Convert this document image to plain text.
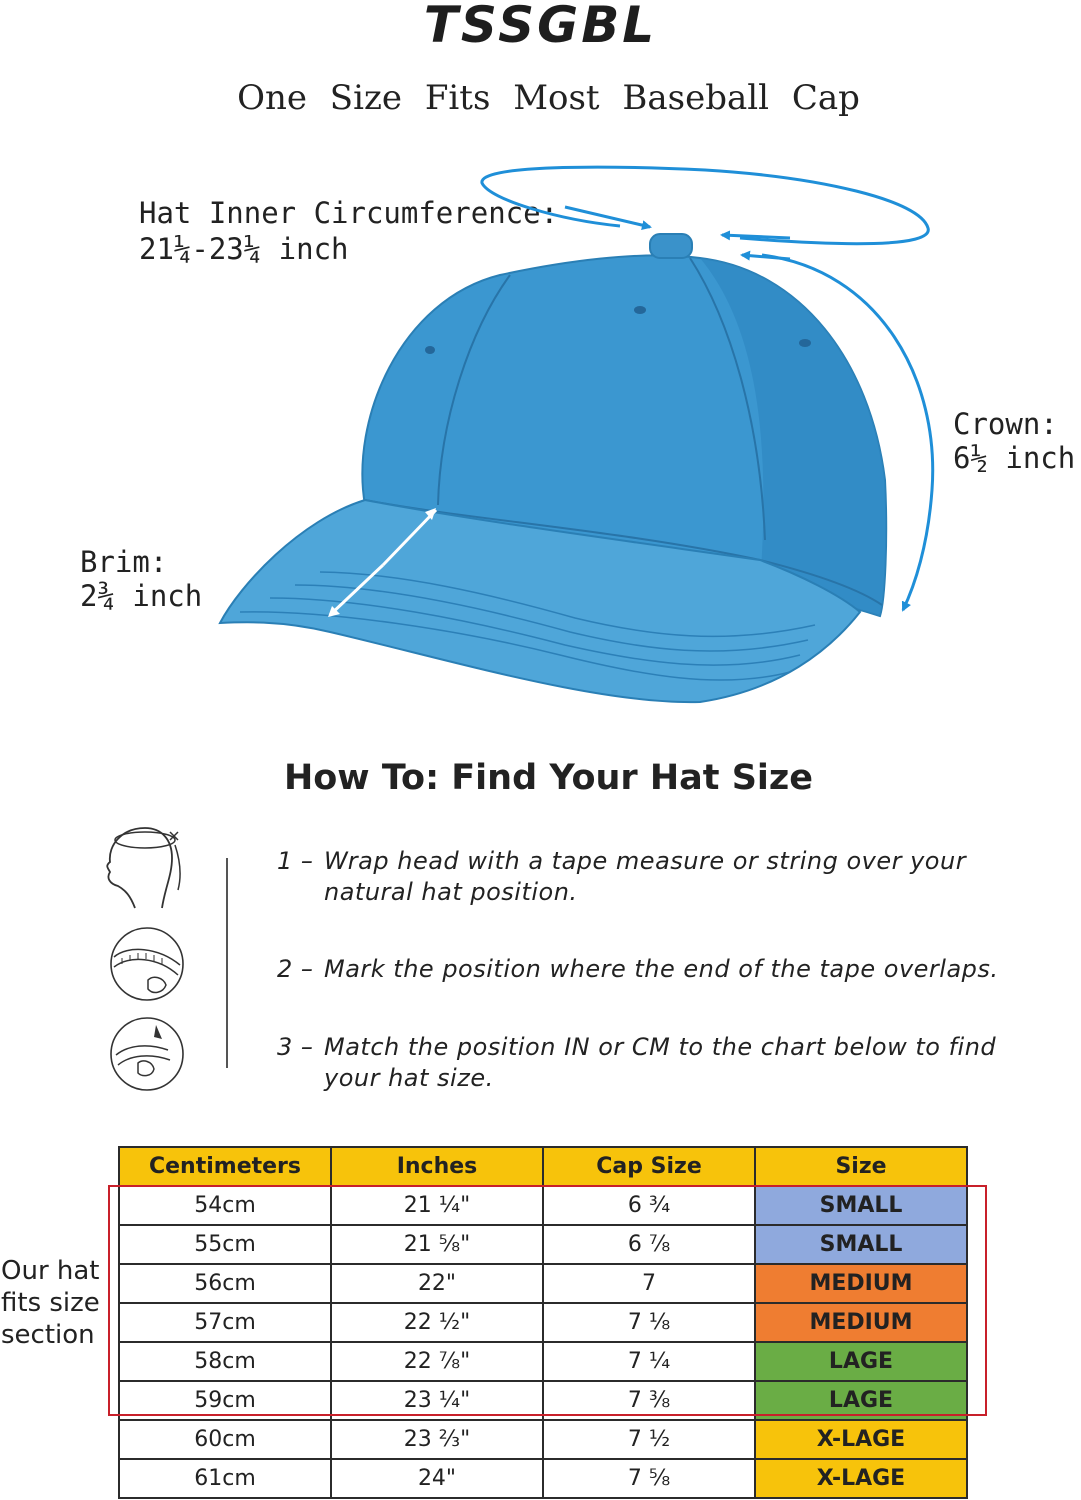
TSSGBL
One Size Fits Most Baseball Cap
Hat Inner Circumference:
21¼-23¼ inch
Crown:
6½ inch
Brim:
2¾ inch
How To: Find Your Hat Size
1 – Wrap head with a tape measure or string over your
natural hat position.
2 – Mark the position where the end of the tape overlaps.
3 – Match the position IN or CM to the chart below to find
your hat size.
Centimeters	Inches	Cap Size	Size
54cm	21 ¼"	6 ¾	SMALL
55cm	21 ⅝"	6 ⅞	SMALL
56cm	22"	7	MEDIUM
57cm	22 ½"	7 ⅛	MEDIUM
58cm	22 ⅞"	7 ¼	LAGE
59cm	23 ¼"	7 ⅜	LAGE
60cm	23 ⅔"	7 ½	X-LAGE
61cm	24"	7 ⅝	X-LAGE
Our hat
fits size
section
